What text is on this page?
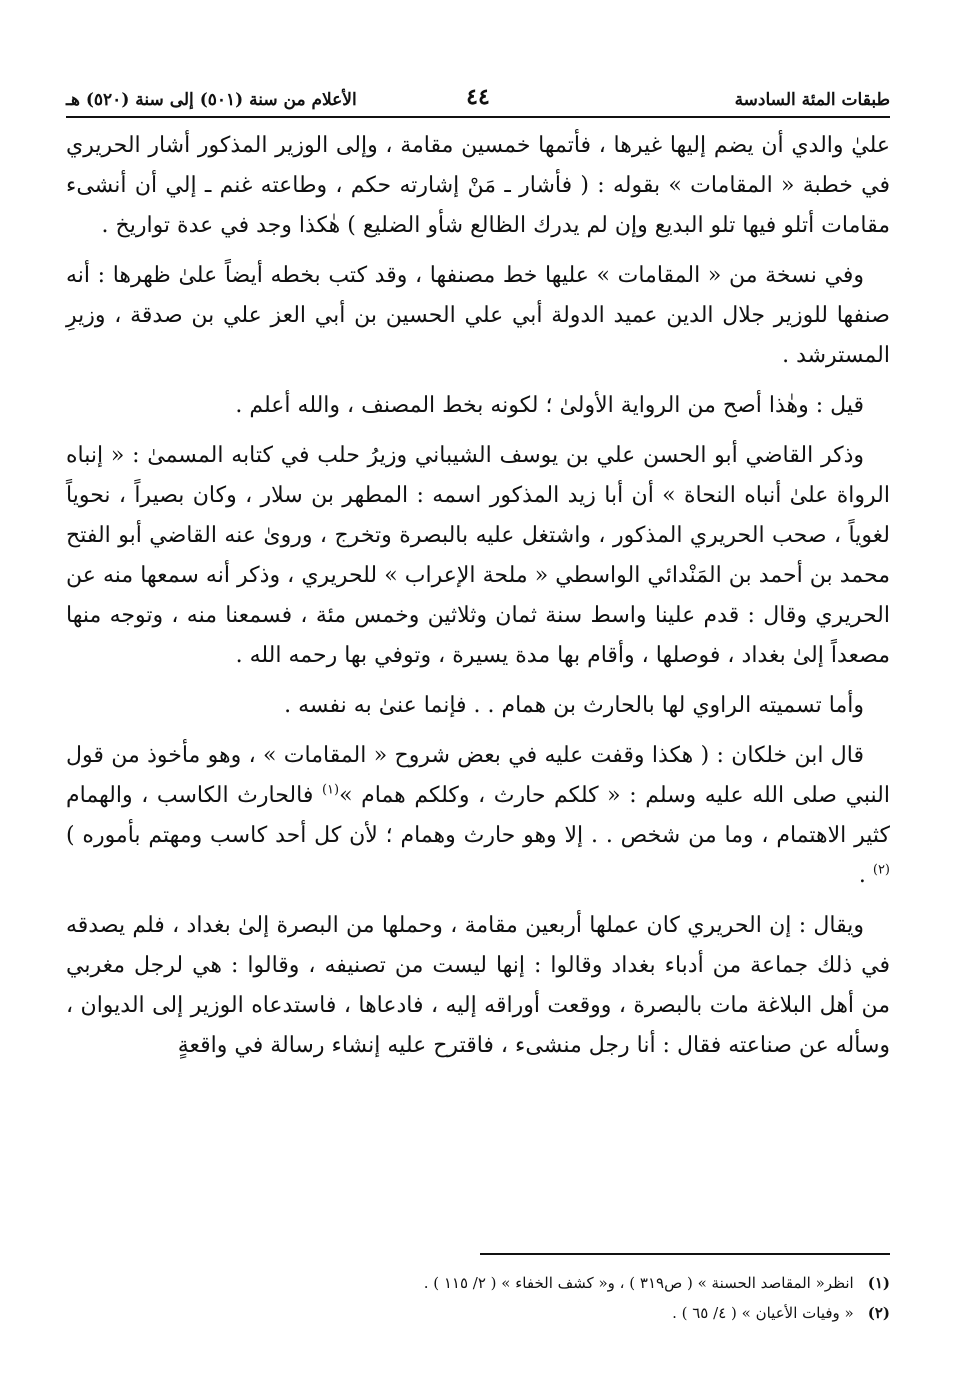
طبقات المئة السادسة
٤٤
الأعلام من سنة (٥٠١) إلى سنة (٥٢٠) هـ

عليٰ والدي أن يضم إليها غيرها ، فأتمها خمسين مقامة ، وإلى الوزير المذكور أشار الحريري في خطبة « المقامات » بقوله : ( فأشار ـ مَنْ إشارته حكم ، وطاعته غنم ـ إلي أن أنشىء مقامات أتلو فيها تلو البديع وإن لم يدرك الظالع شأو الضليع ) هٰكذا وجد في عدة تواريخ .

وفي نسخة من « المقامات » عليها خط مصنفها ، وقد كتب بخطه أيضاً علىٰ ظهرها : أنه صنفها للوزير جلال الدين عميد الدولة أبي علي الحسين بن أبي العز علي بن صدقة ، وزيرِ المسترشد .

قيل : وهٰذا أصح من الرواية الأولىٰ ؛ لكونه بخط المصنف ، والله أعلم .

وذكر القاضي أبو الحسن علي بن يوسف الشيباني وزيرُ حلب في كتابه المسمىٰ : « إنباه الرواة علىٰ أنباه النحاة » أن أبا زيد المذكور اسمه : المطهر بن سلار ، وكان بصيراً ، نحوياً لغوياً ، صحب الحريري المذكور ، واشتغل عليه بالبصرة وتخرج ، وروىٰ عنه القاضي أبو الفتح محمد بن أحمد بن المَنْدائي الواسطي « ملحة الإعراب » للحريري ، وذكر أنه سمعها منه عن الحريري وقال : قدم علينا واسط سنة ثمان وثلاثين وخمس مئة ، فسمعنا منه ، وتوجه منها مصعداً إلىٰ بغداد ، فوصلها ، وأقام بها مدة يسيرة ، وتوفي بها رحمه الله .

وأما تسميته الراوي لها بالحارث بن همام . . فإنما عنىٰ به نفسه .

قال ابن خلكان : ( هكذا وقفت عليه في بعض شروح « المقامات » ، وهو مأخوذ من قول النبي صلى الله عليه وسلم : « كلكم حارث ، وكلكم همام »$^{(١)}$ فالحارث الكاسب ، والهمام كثير الاهتمام ، وما من شخص . . إلا وهو حارث وهمام ؛ لأن كل أحد كاسب ومهتم بأموره )$^{(٢)}$ .

ويقال : إن الحريري كان عملها أربعين مقامة ، وحملها من البصرة إلىٰ بغداد ، فلم يصدقه في ذلك جماعة من أدباء بغداد وقالوا : إنها ليست من تصنيفه ، وقالوا : هي لرجل مغربي من أهل البلاغة مات بالبصرة ، ووقعت أوراقه إليه ، فادعاها ، فاستدعاه الوزير إلى الديوان ، وسأله عن صناعته فقال : أنا رجل منشىء ، فاقترح عليه إنشاء رسالة في واقعةٍ

(١)
انظر« المقاصد الحسنة » ( ص٣١٩ ) ، و« كشف الخفاء » ( ٢/ ١١٥ ) .
(٢)
« وفيات الأعيان » ( ٤/ ٦٥ ) .
